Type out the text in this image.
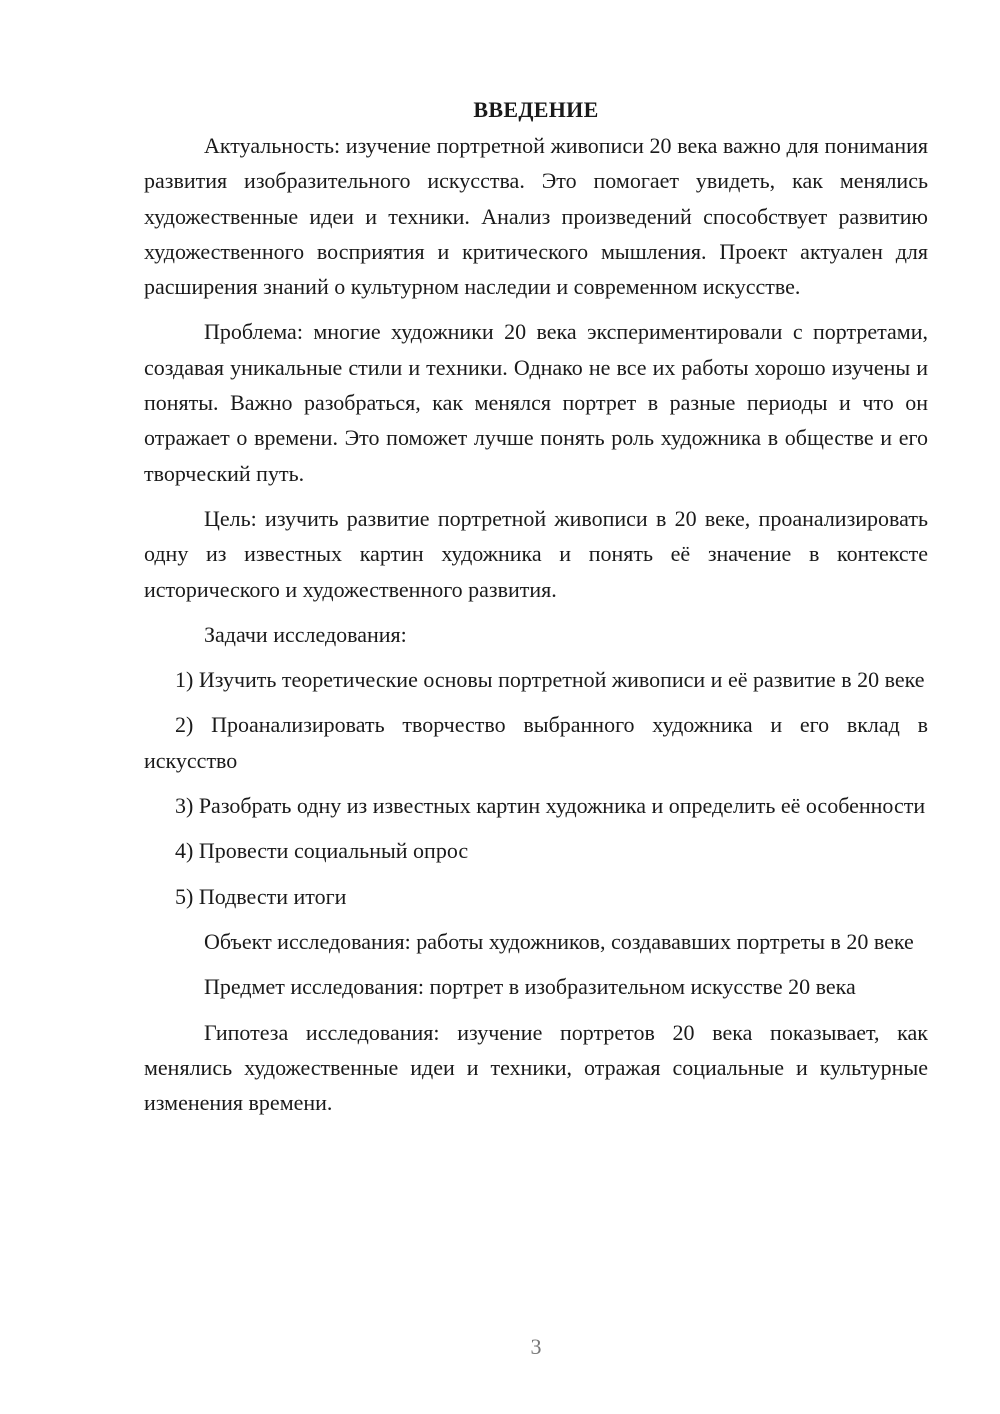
ВВЕДЕНИЕ

Актуальность: изучение портретной живописи 20 века важно для понимания развития изобразительного искусства. Это помогает увидеть, как менялись художественные идеи и техники. Анализ произведений способствует развитию художественного восприятия и критического мышления. Проект актуален для расширения знаний о культурном наследии и современном искусстве.

Проблема: многие художники 20 века экспериментировали с портретами, создавая уникальные стили и техники. Однако не все их работы хорошо изучены и поняты. Важно разобраться, как менялся портрет в разные периоды и что он отражает о времени. Это поможет лучше понять роль художника в обществе и его творческий путь.

Цель: изучить развитие портретной живописи в 20 веке, проанализировать одну из известных картин художника и понять её значение в контексте исторического и художественного развития.

Задачи исследования:

1) Изучить теоретические основы портретной живописи и её развитие в 20 веке

2) Проанализировать творчество выбранного художника и его вклад в искусство

3) Разобрать одну из известных картин художника и определить её особенности

4) Провести социальный опрос

5) Подвести итоги

Объект исследования: работы художников, создававших портреты в 20 веке

Предмет исследования: портрет в изобразительном искусстве 20 века

Гипотеза исследования: изучение портретов 20 века показывает, как менялись художественные идеи и техники, отражая социальные и культурные изменения времени.

3
